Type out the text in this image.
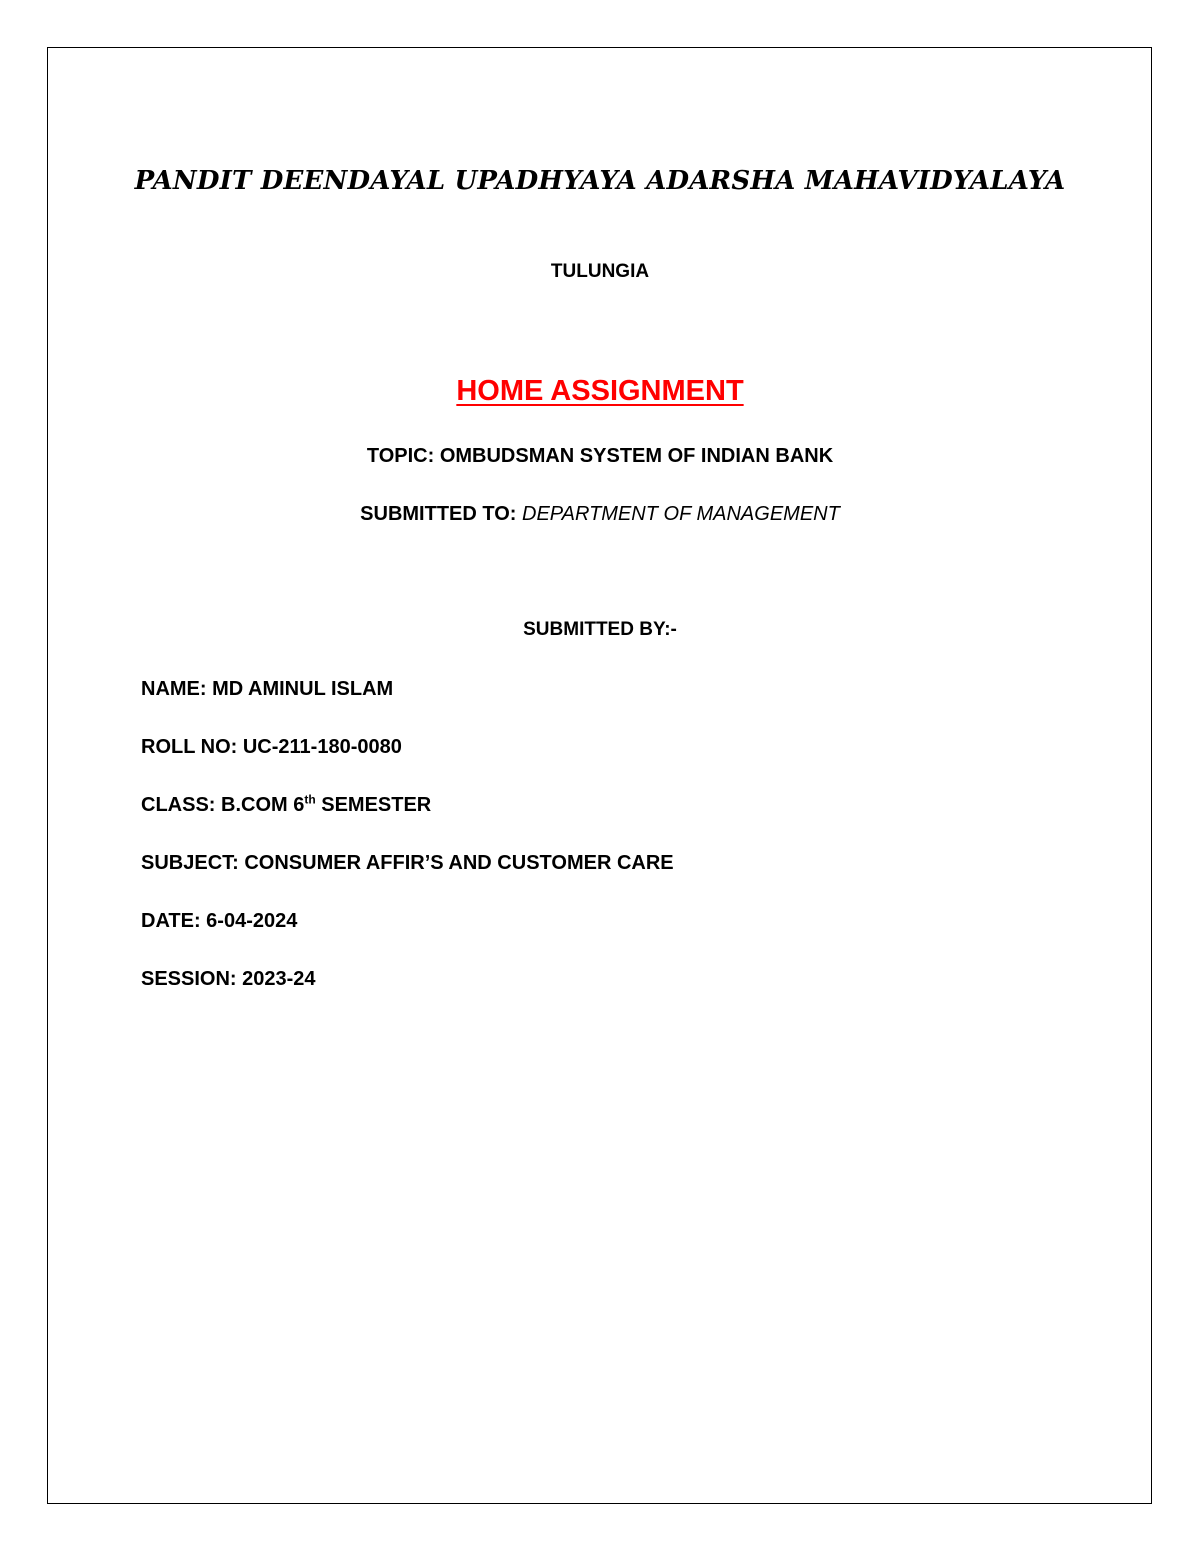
PANDIT DEENDAYAL UPADHYAYA ADARSHA MAHAVIDYALAYA
TULUNGIA
HOME ASSIGNMENT
TOPIC: OMBUDSMAN SYSTEM OF INDIAN BANK
SUBMITTED TO: DEPARTMENT OF MANAGEMENT
SUBMITTED BY:-
NAME: MD AMINUL ISLAM
ROLL NO: UC-211-180-0080
CLASS: B.COM 6th SEMESTER
SUBJECT: CONSUMER AFFIR’S AND CUSTOMER CARE
DATE: 6-04-2024
SESSION: 2023-24
